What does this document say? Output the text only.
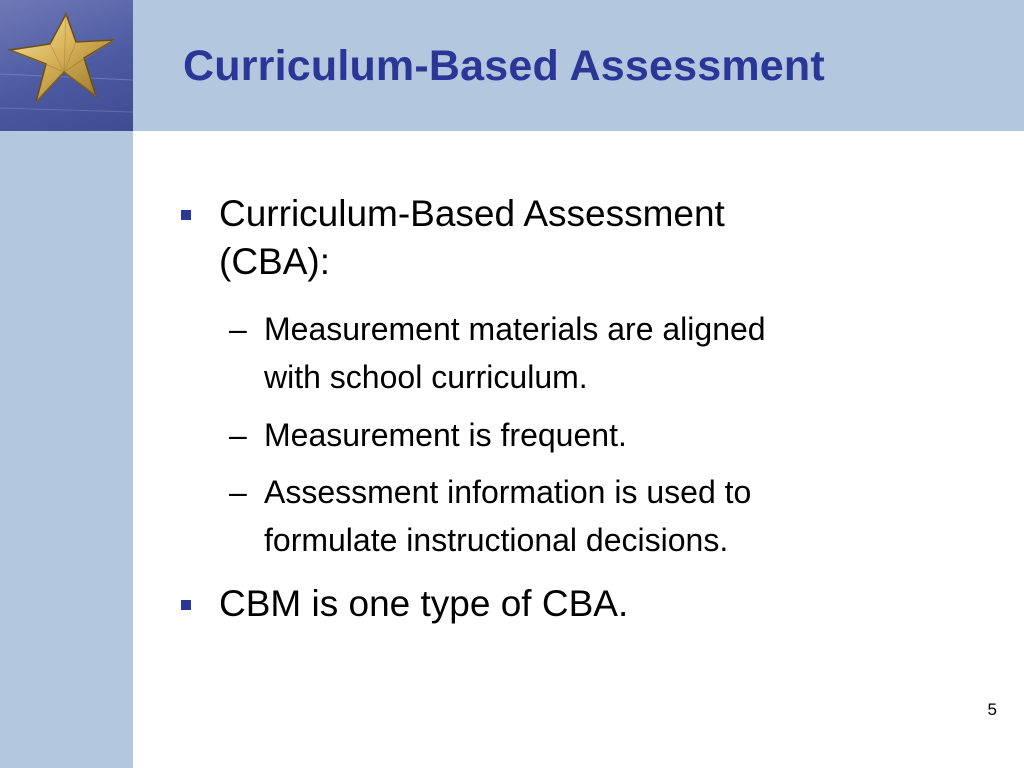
Curriculum-Based Assessment
Curriculum-Based Assessment
(CBA):
– Measurement materials are aligned
with school curriculum.
– Measurement is frequent.
– Assessment information is used to
formulate instructional decisions.
CBM is one type of CBA.
5
